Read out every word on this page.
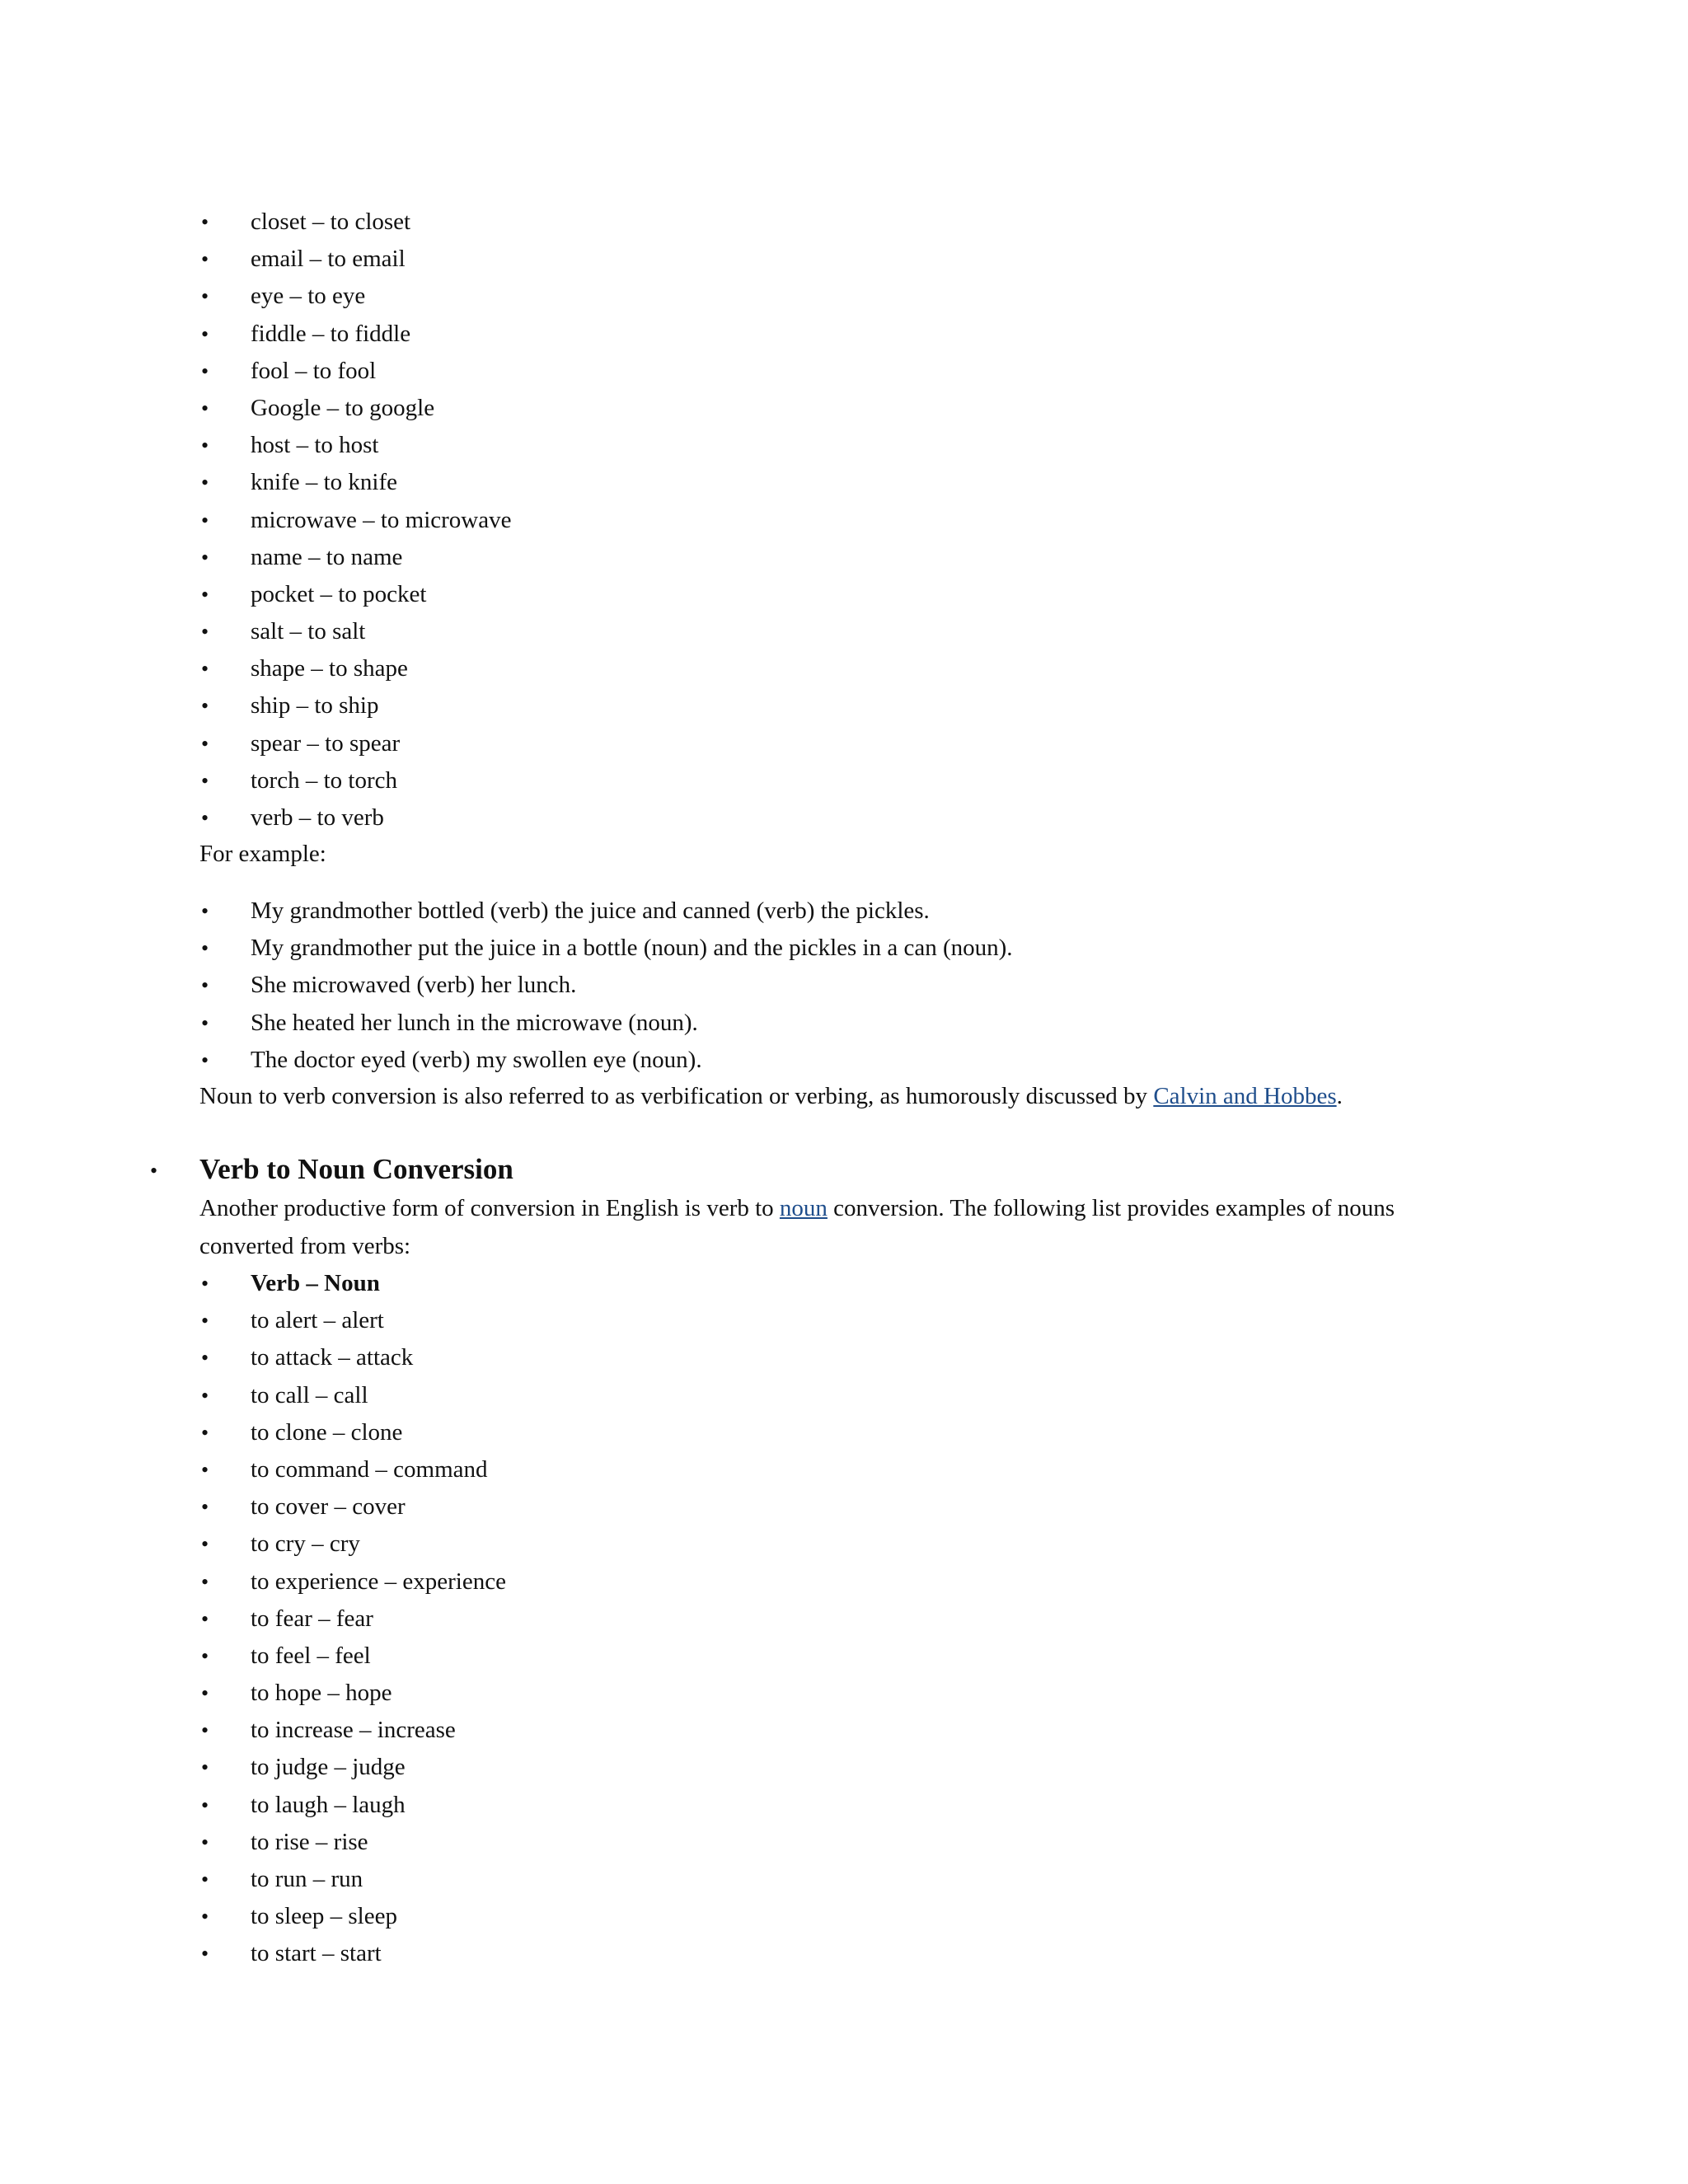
• closet – to closet
• email – to email
• eye – to eye
• fiddle – to fiddle
• fool – to fool
• Google – to google
• host – to host
• knife – to knife
• microwave – to microwave
• name – to name
• pocket – to pocket
• salt – to salt
• shape – to shape
• ship – to ship
• spear – to spear
• torch – to torch
• verb – to verb
For example:
• My grandmother bottled (verb) the juice and canned (verb) the pickles.
• My grandmother put the juice in a bottle (noun) and the pickles in a can (noun).
• She microwaved (verb) her lunch.
• She heated her lunch in the microwave (noun).
• The doctor eyed (verb) my swollen eye (noun).
Noun to verb conversion is also referred to as verbification or verbing, as humorously discussed by Calvin and Hobbes.
• Verb to Noun Conversion
Another productive form of conversion in English is verb to noun conversion. The following list provides examples of nouns converted from verbs:
• Verb – Noun
• to alert – alert
• to attack – attack
• to call – call
• to clone – clone
• to command – command
• to cover – cover
• to cry – cry
• to experience – experience
• to fear – fear
• to feel – feel
• to hope – hope
• to increase – increase
• to judge – judge
• to laugh – laugh
• to rise – rise
• to run – run
• to sleep – sleep
• to start – start
